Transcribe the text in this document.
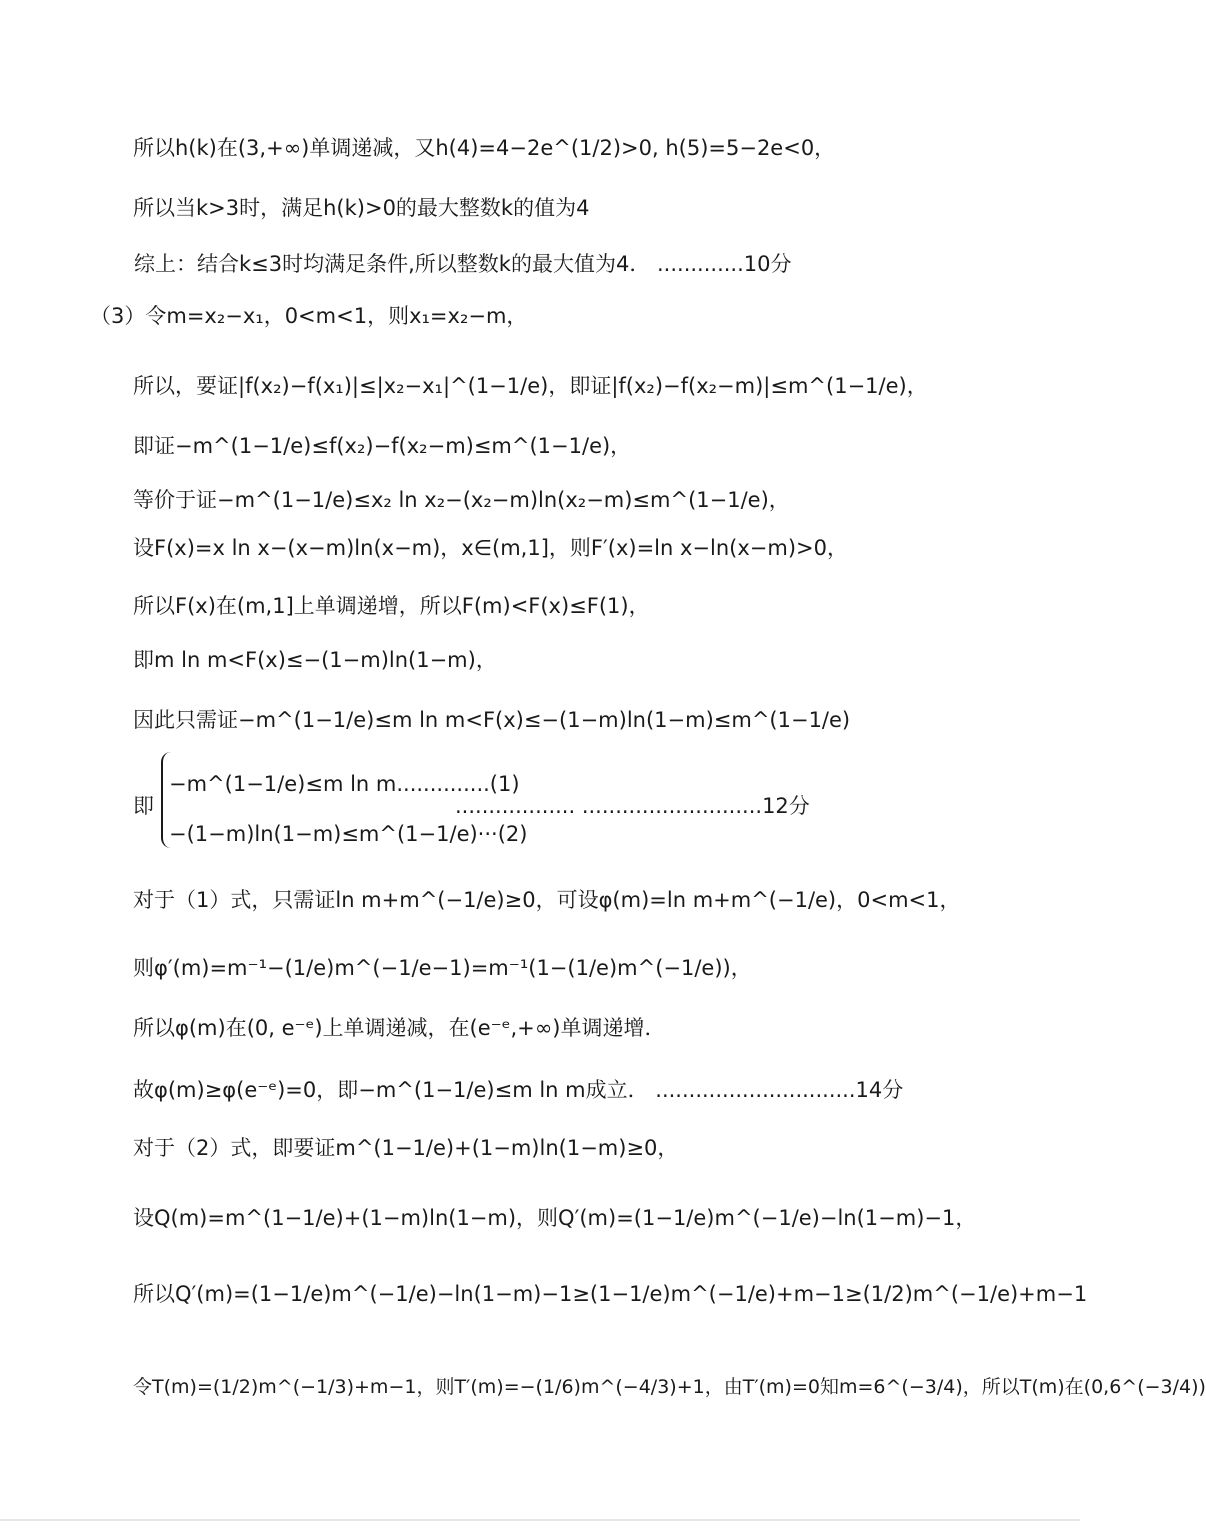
所以h(k)在(3,+∞)单调递减，又h(4)=4−2e^(1/2)>0, h(5)=5−2e<0，
所以当k>3时，满足h(k)>0的最大整数k的值为4
综上：结合k≤3时均满足条件,所以整数k的最大值为4． .............10分
（3）令m=x₂−x₁，0<m<1，则x₁=x₂−m，
所以，要证|f(x₂)−f(x₁)|≤|x₂−x₁|^(1−1/e)，即证|f(x₂)−f(x₂−m)|≤m^(1−1/e)，
即证−m^(1−1/e)≤f(x₂)−f(x₂−m)≤m^(1−1/e)，
等价于证−m^(1−1/e)≤x₂ ln x₂−(x₂−m)ln(x₂−m)≤m^(1−1/e)，
设F(x)=x ln x−(x−m)ln(x−m)，x∈(m,1]，则F′(x)=ln x−ln(x−m)>0，
所以F(x)在(m,1]上单调递增，所以F(m)<F(x)≤F(1)，
即m ln m<F(x)≤−(1−m)ln(1−m)，
因此只需证−m^(1−1/e)≤m ln m<F(x)≤−(1−m)ln(1−m)≤m^(1−1/e)
即
−m^(1−1/e)≤m ln m..............(1)
−(1−m)ln(1−m)≤m^(1−1/e)···(2)
.................. ...........................12分
对于（1）式，只需证ln m+m^(−1/e)≥0，可设φ(m)=ln m+m^(−1/e)，0<m<1，
则φ′(m)=m⁻¹−(1/e)m^(−1/e−1)=m⁻¹(1−(1/e)m^(−1/e))，
所以φ(m)在(0, e⁻ᵉ)上单调递减，在(e⁻ᵉ,+∞)单调递增．
故φ(m)≥φ(e⁻ᵉ)=0，即−m^(1−1/e)≤m ln m成立． ..............................14分
对于（2）式，即要证m^(1−1/e)+(1−m)ln(1−m)≥0，
设Q(m)=m^(1−1/e)+(1−m)ln(1−m)，则Q′(m)=(1−1/e)m^(−1/e)−ln(1−m)−1，
所以Q′(m)=(1−1/e)m^(−1/e)−ln(1−m)−1≥(1−1/e)m^(−1/e)+m−1≥(1/2)m^(−1/e)+m−1
令T(m)=(1/2)m^(−1/3)+m−1，则T′(m)=−(1/6)m^(−4/3)+1，由T′(m)=0知m=6^(−3/4)，所以T(m)在(0,6^(−3/4))
